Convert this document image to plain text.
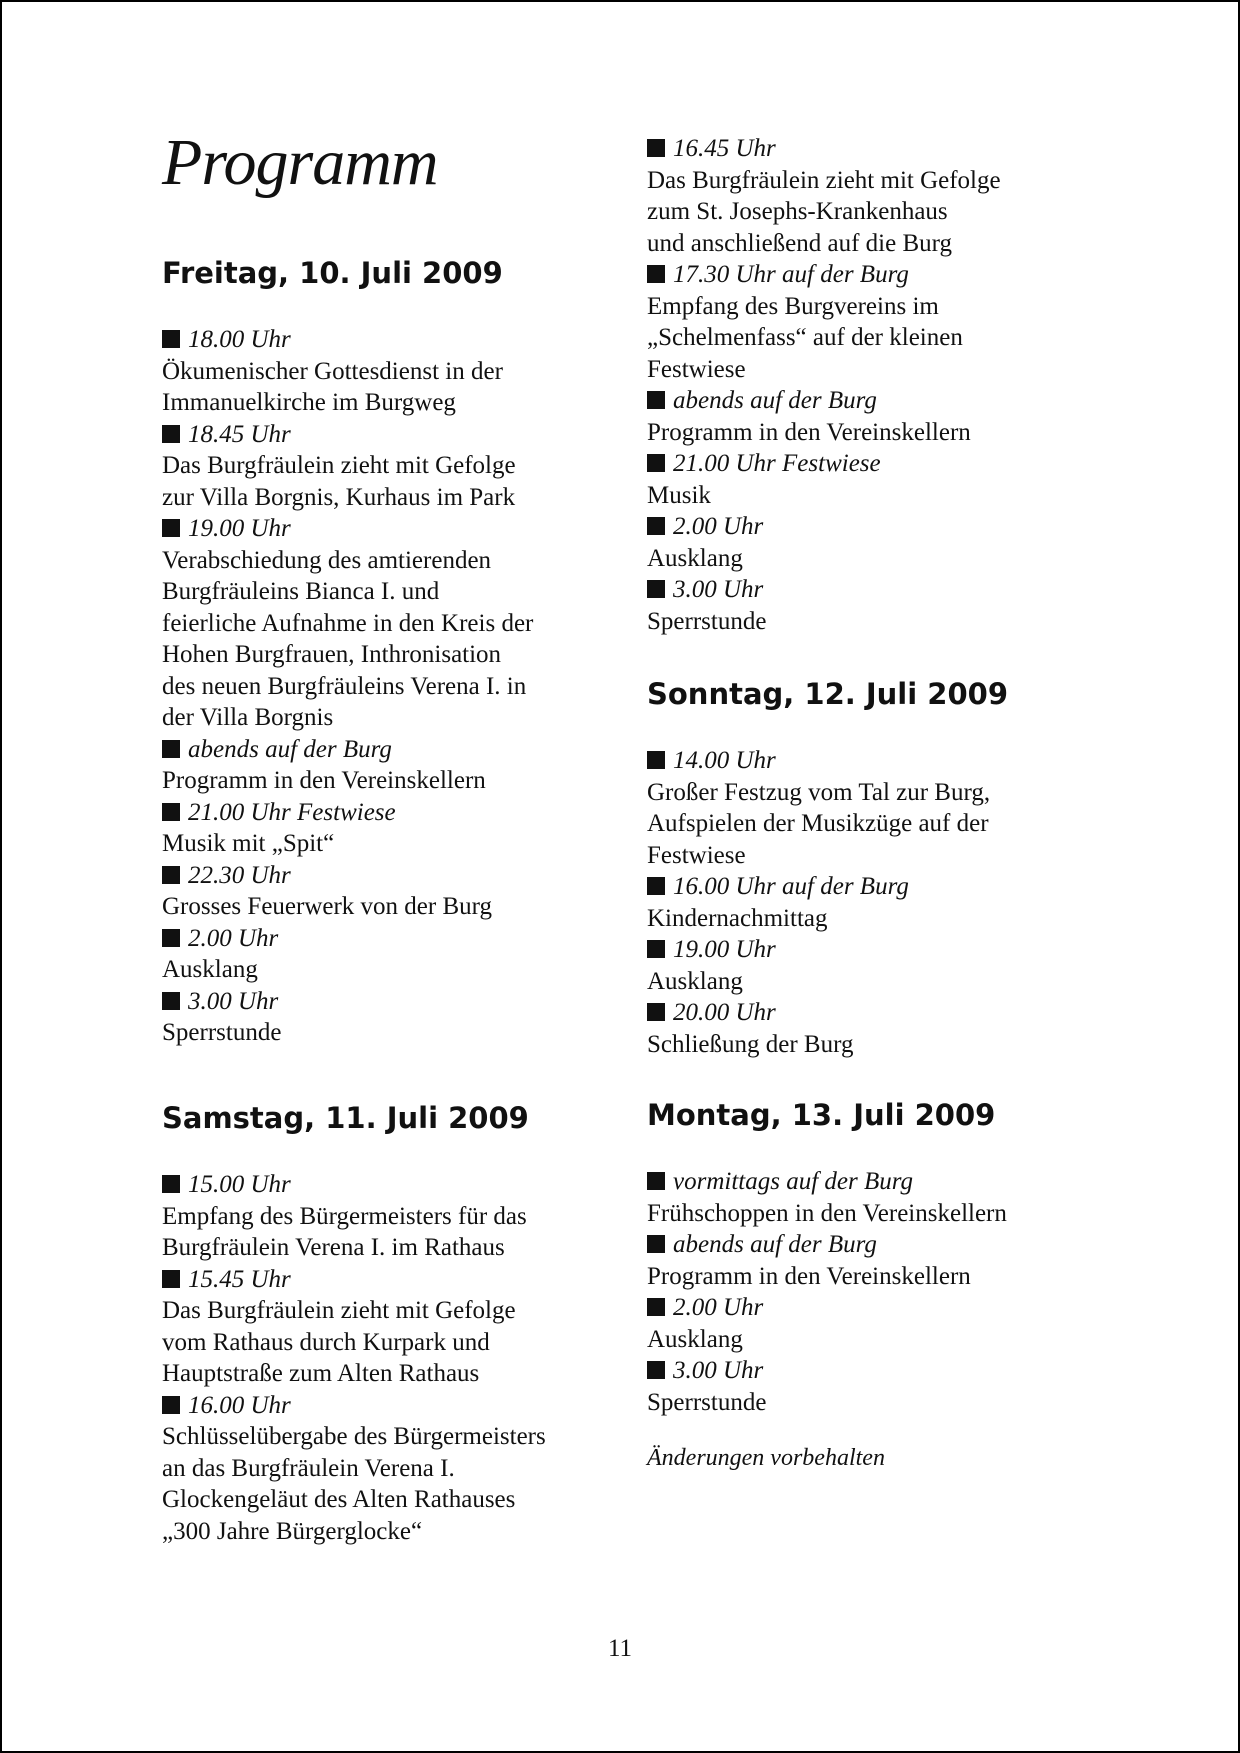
Programm
Freitag, 10. Juli 2009
18.00 Uhr
Ökumenischer Gottesdienst in der
Immanuelkirche im Burgweg
18.45 Uhr
Das Burgfräulein zieht mit Gefolge
zur Villa Borgnis, Kurhaus im Park
19.00 Uhr
Verabschiedung des amtierenden
Burgfräuleins Bianca I. und
feierliche Aufnahme in den Kreis der
Hohen Burgfrauen, Inthronisation
des neuen Burgfräuleins Verena I. in
der Villa Borgnis
abends auf der Burg
Programm in den Vereinskellern
21.00 Uhr Festwiese
Musik mit „Spit“
22.30 Uhr
Grosses Feuerwerk von der Burg
2.00 Uhr
Ausklang
3.00 Uhr
Sperrstunde
Samstag, 11. Juli 2009
15.00 Uhr
Empfang des Bürgermeisters für das
Burgfräulein Verena I. im Rathaus
15.45 Uhr
Das Burgfräulein zieht mit Gefolge
vom Rathaus durch Kurpark und
Hauptstraße zum Alten Rathaus
16.00 Uhr
Schlüsselübergabe des Bürgermeisters
an das Burgfräulein Verena I.
Glockengeläut des Alten Rathauses
„300 Jahre Bürgerglocke“
16.45 Uhr
Das Burgfräulein zieht mit Gefolge
zum St. Josephs-Krankenhaus
und anschließend auf die Burg
17.30 Uhr auf der Burg
Empfang des Burgvereins im
„Schelmenfass“ auf der kleinen
Festwiese
abends auf der Burg
Programm in den Vereinskellern
21.00 Uhr Festwiese
Musik
2.00 Uhr
Ausklang
3.00 Uhr
Sperrstunde
Sonntag, 12. Juli 2009
14.00 Uhr
Großer Festzug vom Tal zur Burg,
Aufspielen der Musikzüge auf der
Festwiese
16.00 Uhr auf der Burg
Kindernachmittag
19.00 Uhr
Ausklang
20.00 Uhr
Schließung der Burg
Montag, 13. Juli 2009
vormittags auf der Burg
Frühschoppen in den Vereinskellern
abends auf der Burg
Programm in den Vereinskellern
2.00 Uhr
Ausklang
3.00 Uhr
Sperrstunde

Änderungen vorbehalten

11
